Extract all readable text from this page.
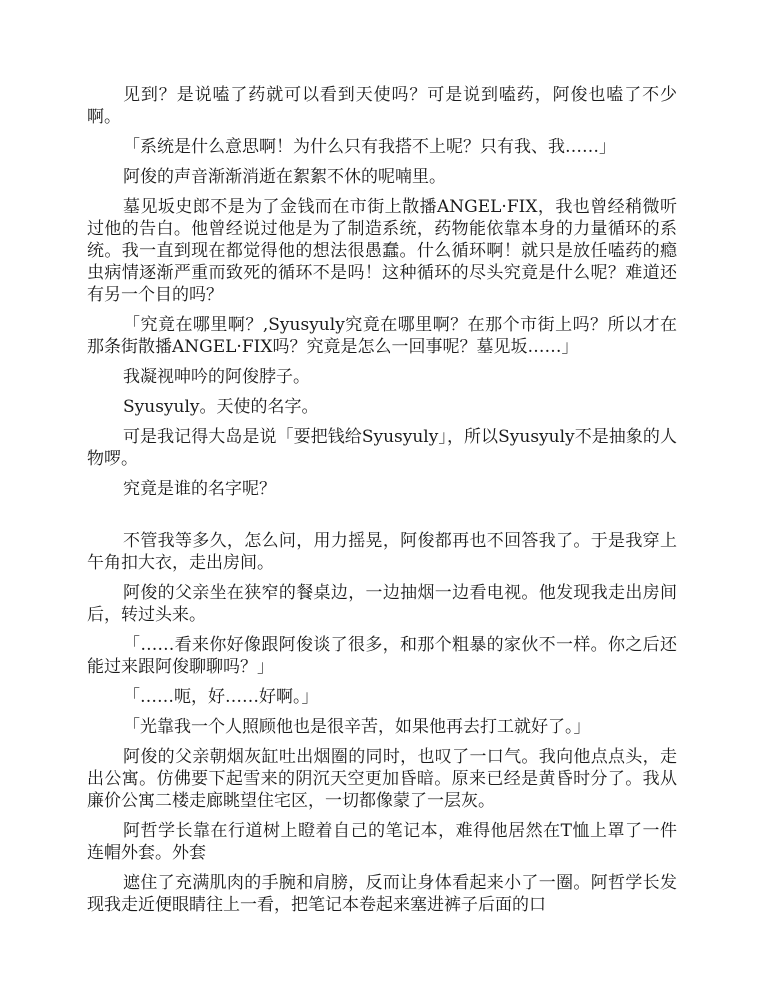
见到？是说嗑了药就可以看到天使吗？可是说到嗑药，阿俊也嗑了不少啊。

「系统是什么意思啊！为什么只有我搭不上呢？只有我、我……」

阿俊的声音渐渐消逝在絮絮不休的呢喃里。

墓见坂史郎不是为了金钱而在市街上散播ANGEL·FIX，我也曾经稍微听过他的告白。他曾经说过他是为了制造系统，药物能依靠本身的力量循环的系统。我一直到现在都觉得他的想法很愚蠢。什么循环啊！就只是放任嗑药的瘾虫病情逐渐严重而致死的循环不是吗！这种循环的尽头究竟是什么呢？难道还有另一个目的吗？

「究竟在哪里啊？,Syusyuly究竟在哪里啊？在那个市街上吗？所以才在那条街散播ANGEL·FIX吗？究竟是怎么一回事呢？墓见坂……」

我凝视呻吟的阿俊脖子。

Syusyuly。天使的名字。

可是我记得大岛是说「要把钱给Syusyuly」，所以Syusyuly不是抽象的人物啰。

究竟是谁的名字呢？

不管我等多久，怎么问，用力摇晃，阿俊都再也不回答我了。于是我穿上午角扣大衣，走出房间。

阿俊的父亲坐在狭窄的餐桌边，一边抽烟一边看电视。他发现我走出房间后，转过头来。

「……看来你好像跟阿俊谈了很多，和那个粗暴的家伙不一样。你之后还能过来跟阿俊聊聊吗？」

「……呃，好……好啊。」

「光靠我一个人照顾他也是很辛苦，如果他再去打工就好了。」

阿俊的父亲朝烟灰缸吐出烟圈的同时，也叹了一口气。我向他点点头，走出公寓。仿佛要下起雪来的阴沉天空更加昏暗。原来已经是黄昏时分了。我从廉价公寓二楼走廊眺望住宅区，一切都像蒙了一层灰。

阿哲学长靠在行道树上瞪着自己的笔记本，难得他居然在T恤上罩了一件连帽外套。外套

遮住了充满肌肉的手腕和肩膀，反而让身体看起来小了一圈。阿哲学长发现我走近便眼睛往上一看，把笔记本卷起来塞进裤子后面的口
